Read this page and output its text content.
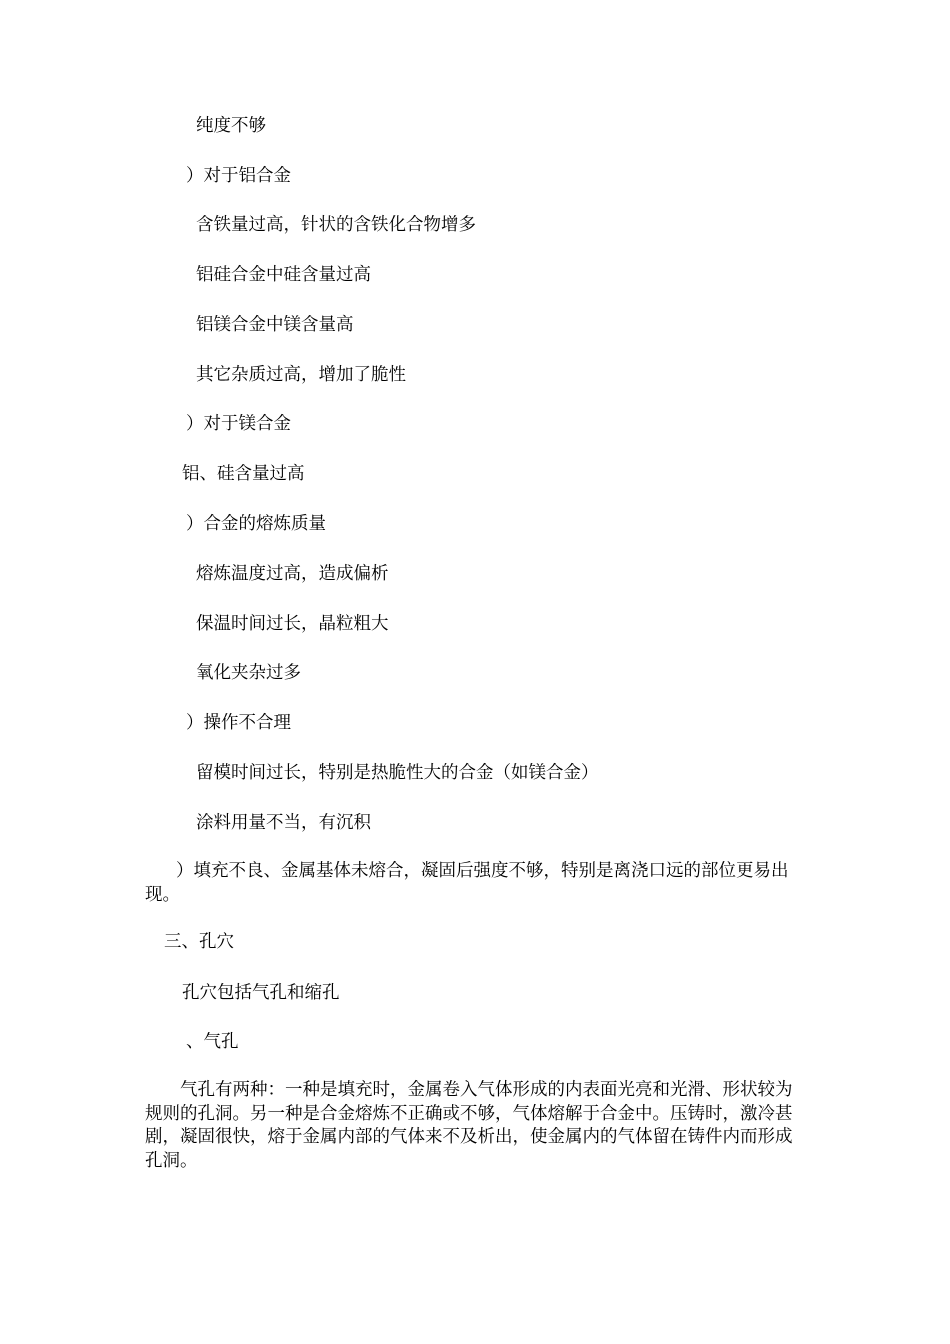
纯度不够
）对于铝合金
含铁量过高，针状的含铁化合物增多
铝硅合金中硅含量过高
铝镁合金中镁含量高
其它杂质过高，增加了脆性
）对于镁合金
铝、硅含量过高
）合金的熔炼质量
熔炼温度过高，造成偏析
保温时间过长，晶粒粗大
氧化夹杂过多
）操作不合理
留模时间过长，特别是热脆性大的合金（如镁合金）
涂料用量不当，有沉积
）填充不良、金属基体未熔合，凝固后强度不够，特别是离浇口远的部位更易出现。
三、孔穴
孔穴包括气孔和缩孔
、气孔
气孔有两种：一种是填充时，金属卷入气体形成的内表面光亮和光滑、形状较为规则的孔洞。另一种是合金熔炼不正确或不够，气体熔解于合金中。压铸时，激冷甚剧，凝固很快，熔于金属内部的气体来不及析出，使金属内的气体留在铸件内而形成孔洞。
